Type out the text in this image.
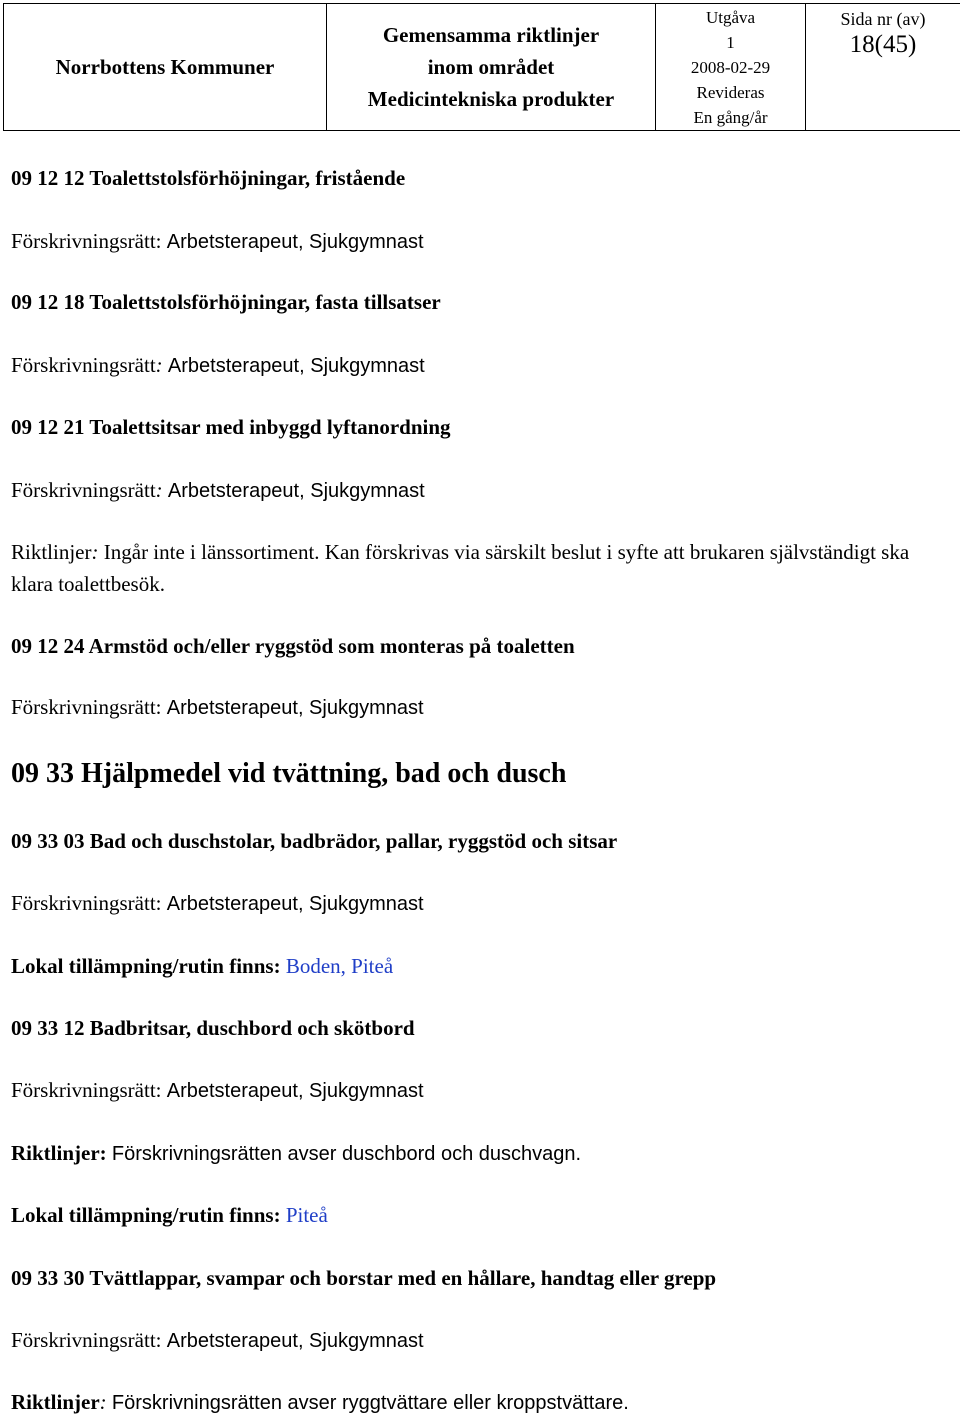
Norrbottens Kommuner	
Gemensamma riktlinjer
inom området
Medicintekniska produkter

Utgåva
1
2008-02-29
Revideras
En gång/år

Sida nr (av)
18(45)
09 12 12 Toalettstolsförhöjningar, fristående
Förskrivningsrätt: Arbetsterapeut, Sjukgymnast
09 12 18 Toalettstolsförhöjningar, fasta tillsatser
Förskrivningsrätt: Arbetsterapeut, Sjukgymnast
09 12 21 Toalettsitsar med inbyggd lyftanordning
Förskrivningsrätt: Arbetsterapeut, Sjukgymnast
Riktlinjer: Ingår inte i länssortiment. Kan förskrivas via särskilt beslut i syfte att brukaren självständigt ska klara toalettbesök.
09 12 24 Armstöd och/eller ryggstöd som monteras på toaletten
Förskrivningsrätt: Arbetsterapeut, Sjukgymnast
09 33 Hjälpmedel vid tvättning, bad och dusch
09 33 03 Bad och duschstolar, badbrädor, pallar, ryggstöd och sitsar
Förskrivningsrätt: Arbetsterapeut, Sjukgymnast
Lokal tillämpning/rutin finns: Boden, Piteå
09 33 12 Badbritsar, duschbord och skötbord
Förskrivningsrätt: Arbetsterapeut, Sjukgymnast
Riktlinjer: Förskrivningsrätten avser duschbord och duschvagn.
Lokal tillämpning/rutin finns: Piteå
09 33 30 Tvättlappar, svampar och borstar med en hållare, handtag eller grepp
Förskrivningsrätt: Arbetsterapeut, Sjukgymnast
Riktlinjer: Förskrivningsrätten avser ryggtvättare eller kroppstvättare.
